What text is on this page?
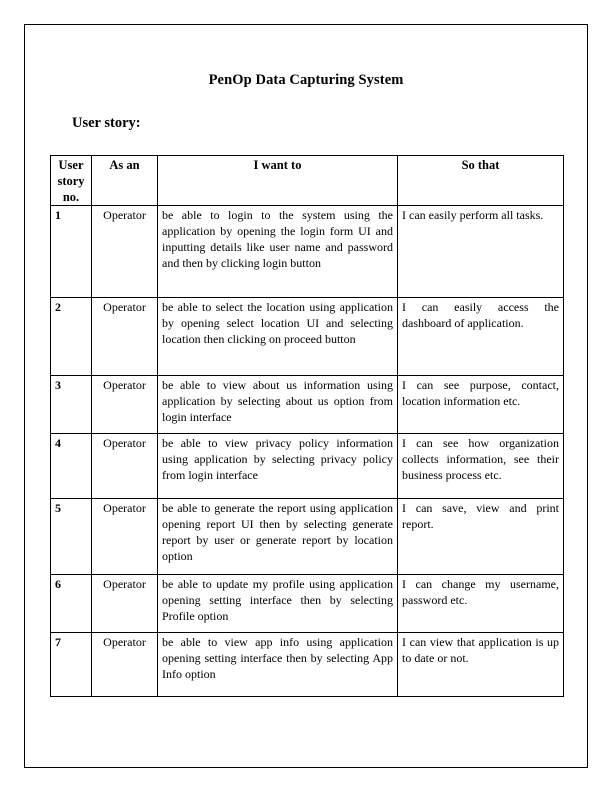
PenOp Data Capturing System
User story:
User story no.	As an	I want to	So that
1	Operator	be able to login to the system using the application by opening the login form UI and inputting details like user name and password and then by clicking login button	I can easily perform all tasks.
2	Operator	be able to select the location using application by opening select location UI and selecting location then clicking on proceed button	I can easily access the dashboard of application.
3	Operator	be able to view about us information using application by selecting about us option from login interface	I can see purpose, contact, location information etc.
4	Operator	be able to view privacy policy information using application by selecting privacy policy from login interface	I can see how organization collects information, see their business process etc.
5	Operator	be able to generate the report using application opening report UI then by selecting generate report by user or generate report by location option	I can save, view and print report.
6	Operator	be able to update my profile using application opening setting interface then by selecting Profile option	I can change my username, password etc.
7	Operator	be able to view app info using application opening setting interface then by selecting App Info option	I can view that application is up to date or not.
